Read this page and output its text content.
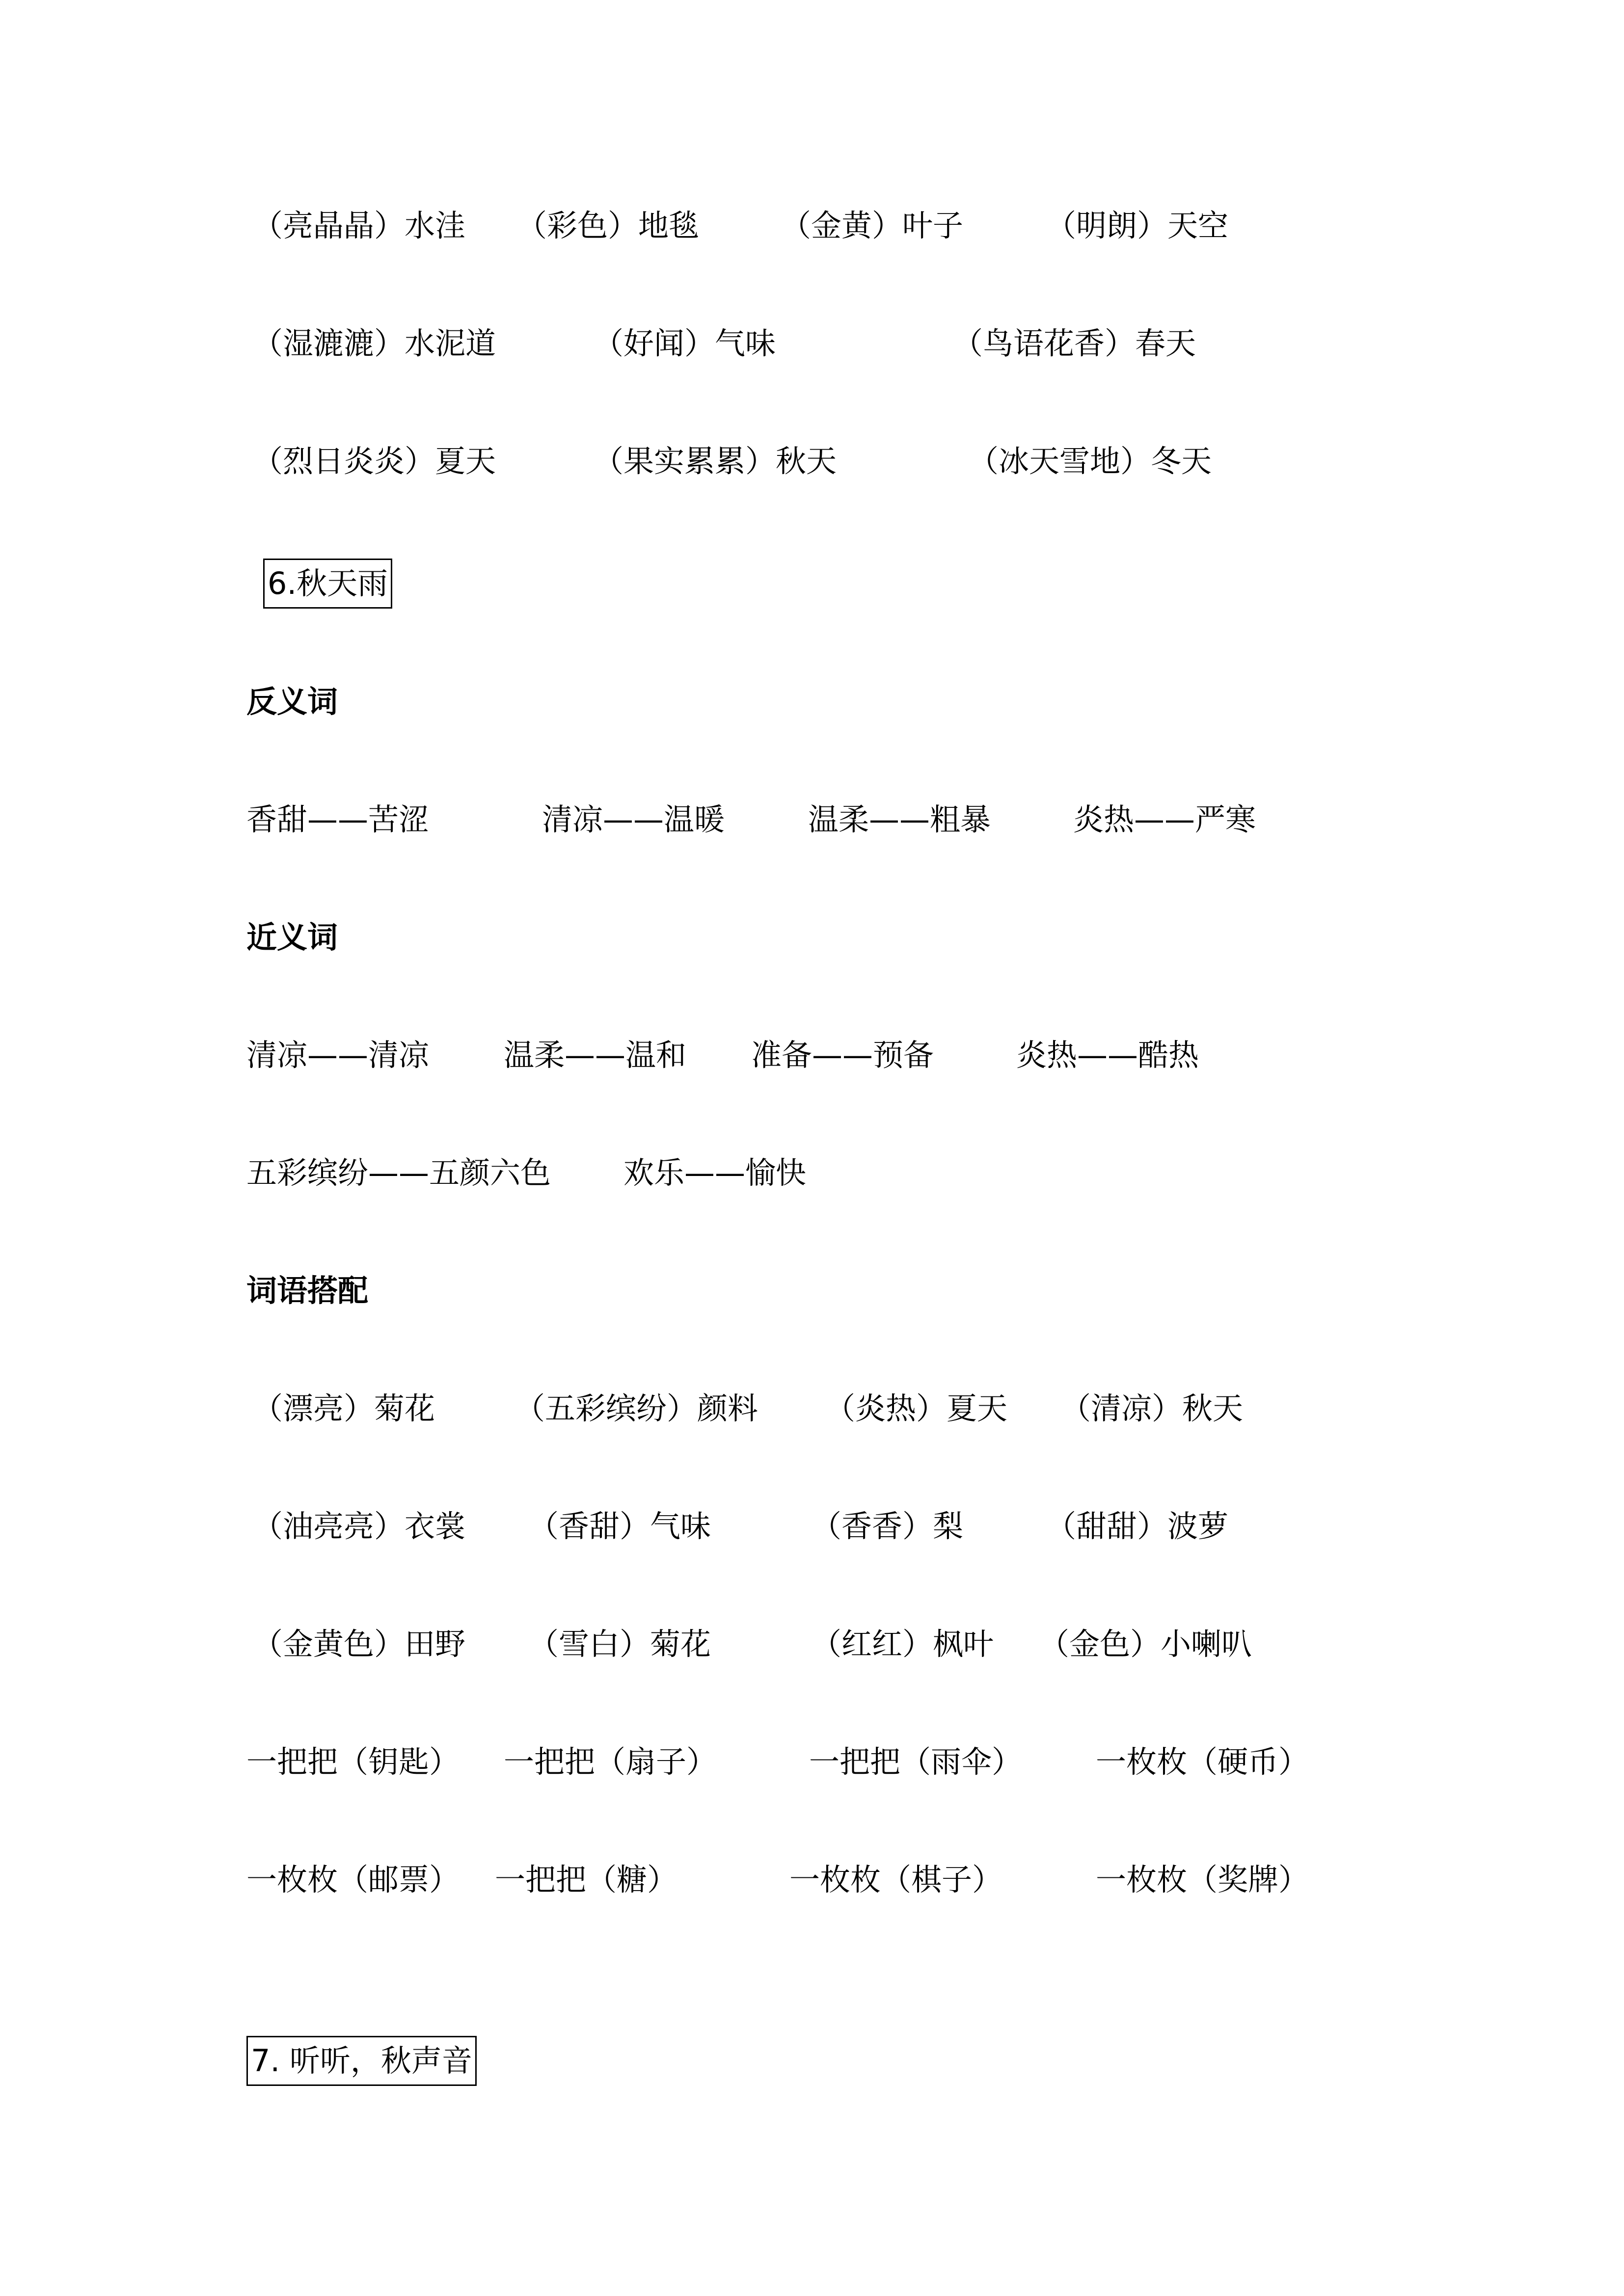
（亮晶晶）水洼 （彩色）地毯	（金黄）叶子	（明朗）天空
（湿漉漉）水泥道	（好闻）气味	（鸟语花香）春天
（烈日炎炎）夏天	（果实累累）秋天	（冰天雪地）冬天
6.秋天雨
反义词
香甜——苦涩	清凉——温暖	温柔——粗暴	炎热——严寒
近义词
清凉——清凉 温柔——温和 准备——预备	炎热——酷热
五彩缤纷——五颜六色 欢乐——愉快
词语搭配
（漂亮）菊花	（五彩缤纷）颜料 （炎热）夏天 （清凉）秋天
（油亮亮）衣裳 （香甜）气味	（香香）梨	（甜甜）波萝
（金黄色）田野 （雪白）菊花	（红红）枫叶 （金色）小喇叭
一把把（钥匙） 一把把（扇子）	一把把（雨伞） 一枚枚（硬币）
一枚枚（邮票） 一把把（糖）	一枚枚（棋子）	一枚枚（奖牌）
7. 听听，秋声音
